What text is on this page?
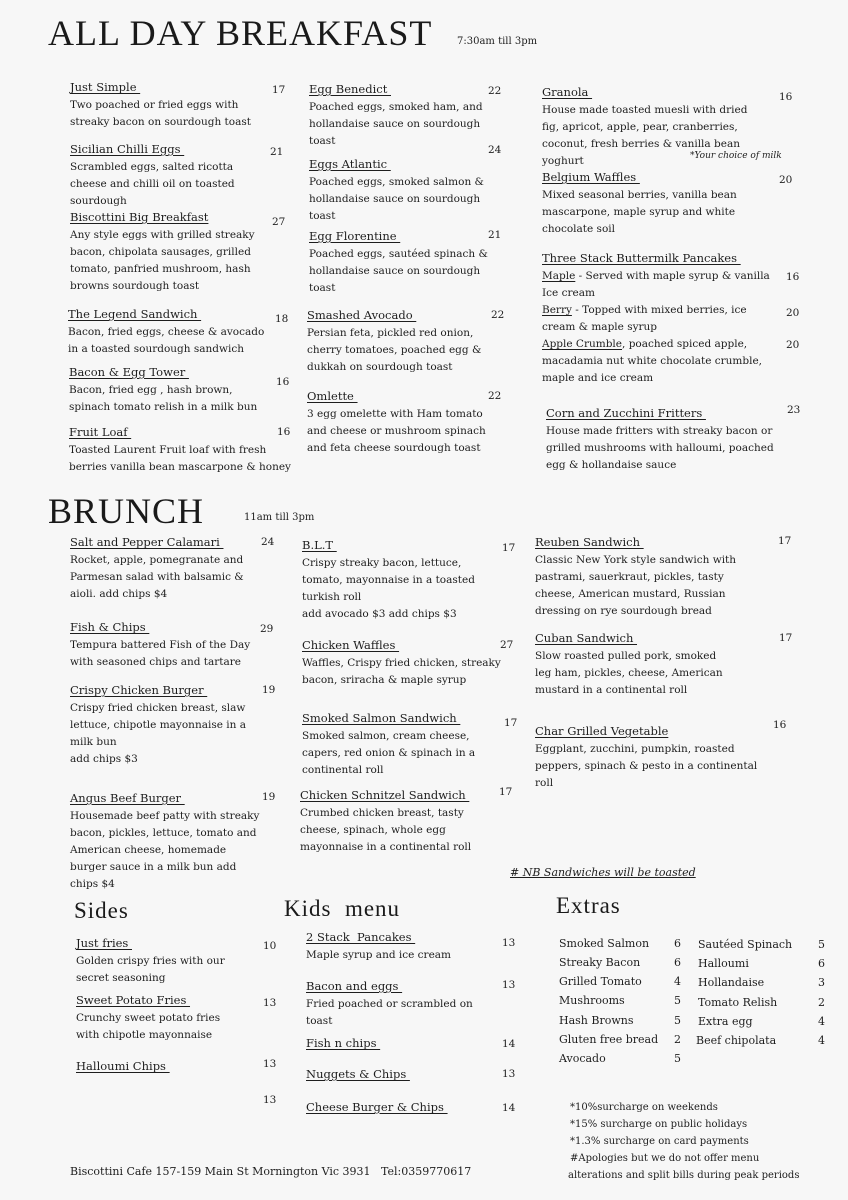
ALL DAY BREAKFAST 7:30am till 3pm
Just Simple
Two poached or fried eggs with streaky bacon on sourdough toast
17
Sicilian Chilli Eggs
Scrambled eggs, salted ricotta cheese and chilli oil on toasted sourdough
21
Biscottini Big Breakfast
Any style eggs with grilled streaky bacon, chipolata sausages, grilled tomato, panfried mushroom, hash browns sourdough toast
27
The Legend Sandwich
Bacon, fried eggs, cheese & avocado in a toasted sourdough sandwich
18
Bacon & Egg Tower
Bacon, fried egg , hash brown, spinach tomato relish in a milk bun
16
Fruit Loaf
Toasted Laurent Fruit loaf with fresh berries vanilla bean mascarpone & honey
16
Egg Benedict
Poached eggs, smoked ham, and hollandaise sauce on sourdough toast
22
Eggs Atlantic
Poached eggs, smoked salmon & hollandaise sauce on sourdough toast
24
Egg Florentine
Poached eggs, sautéed spinach & hollandaise sauce on sourdough toast
21
Smashed Avocado
Persian feta, pickled red onion, cherry tomatoes, poached egg & dukkah on sourdough toast
22
Omlette
3 egg omelette with Ham tomato and cheese or mushroom spinach and feta cheese sourdough toast
22
Granola
House made toasted muesli with dried fig, apricot, apple, pear, cranberries, coconut, fresh berries & vanilla bean yoghurt
16
*Your choice of milk
Belgium Waffles
Mixed seasonal berries, vanilla bean mascarpone, maple syrup and white chocolate soil
20
Three Stack Buttermilk Pancakes
Maple - Served with maple syrup & vanilla Ice cream
Berry - Topped with mixed berries, ice cream & maple syrup
Apple Crumble, poached spiced apple, macadamia nut white chocolate crumble, maple and ice cream
16
20
20
Corn and Zucchini Fritters
House made fritters with streaky bacon or grilled mushrooms with halloumi, poached egg & hollandaise sauce
23
BRUNCH	11am till 3pm
Salt and Pepper Calamari
Rocket, apple, pomegranate and Parmesan salad with balsamic & aioli. add chips $4
24
Fish & Chips
Tempura battered Fish of the Day with seasoned chips and tartare
29
Crispy Chicken Burger
Crispy fried chicken breast, slaw lettuce, chipotle mayonnaise in a milk bun
add chips $3
19
Angus Beef Burger
Housemade beef patty with streaky bacon, pickles, lettuce, tomato and American cheese, homemade burger sauce in a milk bun add chips $4
19
B.L.T
Crispy streaky bacon, lettuce, tomato, mayonnaise in a toasted turkish roll
add avocado $3 add chips $3
17
Chicken Waffles
Waffles, Crispy fried chicken, streaky bacon, sriracha & maple syrup
27
Smoked Salmon Sandwich
Smoked salmon, cream cheese, capers, red onion & spinach in a continental roll
17
Chicken Schnitzel Sandwich
Crumbed chicken breast, tasty cheese, spinach, whole egg mayonnaise in a continental roll
17
Reuben Sandwich
Classic New York style sandwich with pastrami, sauerkraut, pickles, tasty cheese, American mustard, Russian dressing on rye sourdough bread
17
Cuban Sandwich
Slow roasted pulled pork, smoked leg ham, pickles, cheese, American mustard in a continental roll
17
Char Grilled Vegetable
Eggplant, zucchini, pumpkin, roasted peppers, spinach & pesto in a continental roll
16
# NB Sandwiches will be toasted
Sides
Just fries
Golden crispy fries with our secret seasoning
10
Sweet Potato Fries
Crunchy sweet potato fries with chipotle mayonnaise
13
Halloumi Chips	13
13
Kids  menu
2 Stack  Pancakes
Maple syrup and ice cream
13
Bacon and eggs
Fried poached or scrambled on toast
13
Fish n chips	14
Nuggets & Chips	13
Cheese Burger & Chips	14
Extras
Smoked Salmon 6
Streaky Bacon	6
Grilled Tomato	4
Mushrooms	5
Hash Browns	5
Gluten free bread 2
Avocado	5
Sautéed Spinach 5
Halloumi	6
Hollandaise	3
Tomato Relish	2
Extra egg	4
Beef chipolata	4
*10%surcharge on weekends
*15% surcharge on public holidays
*1.3% surcharge on card payments
#Apologies but we do not offer menu
alterations and split bills during peak periods
Biscottini Cafe 157-159 Main St Mornington Vic 3931   Tel:0359770617
